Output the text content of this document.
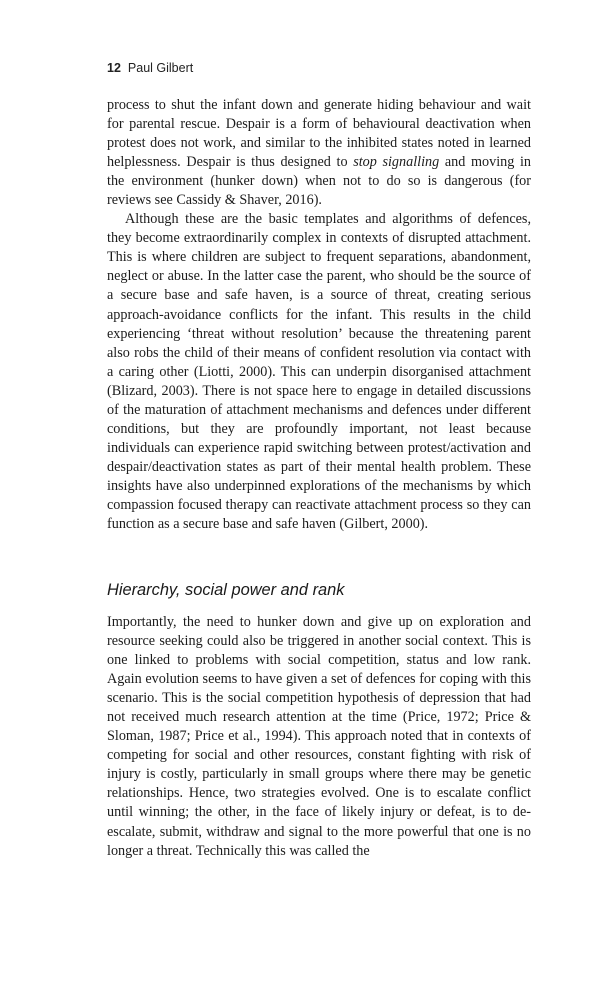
12 Paul Gilbert

process to shut the infant down and generate hiding behaviour and wait for parental rescue. Despair is a form of behavioural deactivation when protest does not work, and similar to the inhibited states noted in learned helplessness. Despair is thus designed to stop signalling and moving in the environment (hunker down) when not to do so is dangerous (for reviews see Cassidy & Shaver, 2016).

Although these are the basic templates and algorithms of defences, they become extraordinarily complex in contexts of disrupted attachment. This is where children are subject to frequent separations, abandonment, neglect or abuse. In the latter case the parent, who should be the source of a secure base and safe haven, is a source of threat, creating serious approach-avoidance conflicts for the infant. This results in the child experiencing ‘threat without resolution’ because the threatening parent also robs the child of their means of confident resolution via contact with a caring other (Liotti, 2000). This can underpin disorganised attachment (Blizard, 2003). There is not space here to engage in detailed discussions of the maturation of attachment mechanisms and defences under different conditions, but they are profoundly important, not least because individuals can experience rapid switching between protest/activation and despair/deactivation states as part of their mental health problem. These insights have also underpinned explorations of the mechanisms by which compassion focused therapy can reactivate attachment process so they can function as a secure base and safe haven (Gilbert, 2000).

Hierarchy, social power and rank

Importantly, the need to hunker down and give up on exploration and resource seeking could also be triggered in another social context. This is one linked to problems with social competition, status and low rank. Again evolution seems to have given a set of defences for coping with this scenario. This is the social competition hypothesis of depression that had not received much research attention at the time (Price, 1972; Price & Sloman, 1987; Price et al., 1994). This approach noted that in contexts of competing for social and other resources, constant fighting with risk of injury is costly, particularly in small groups where there may be genetic relationships. Hence, two strategies evolved. One is to escalate conflict until winning; the other, in the face of likely injury or defeat, is to de-escalate, submit, withdraw and signal to the more powerful that one is no longer a threat. Technically this was called the
